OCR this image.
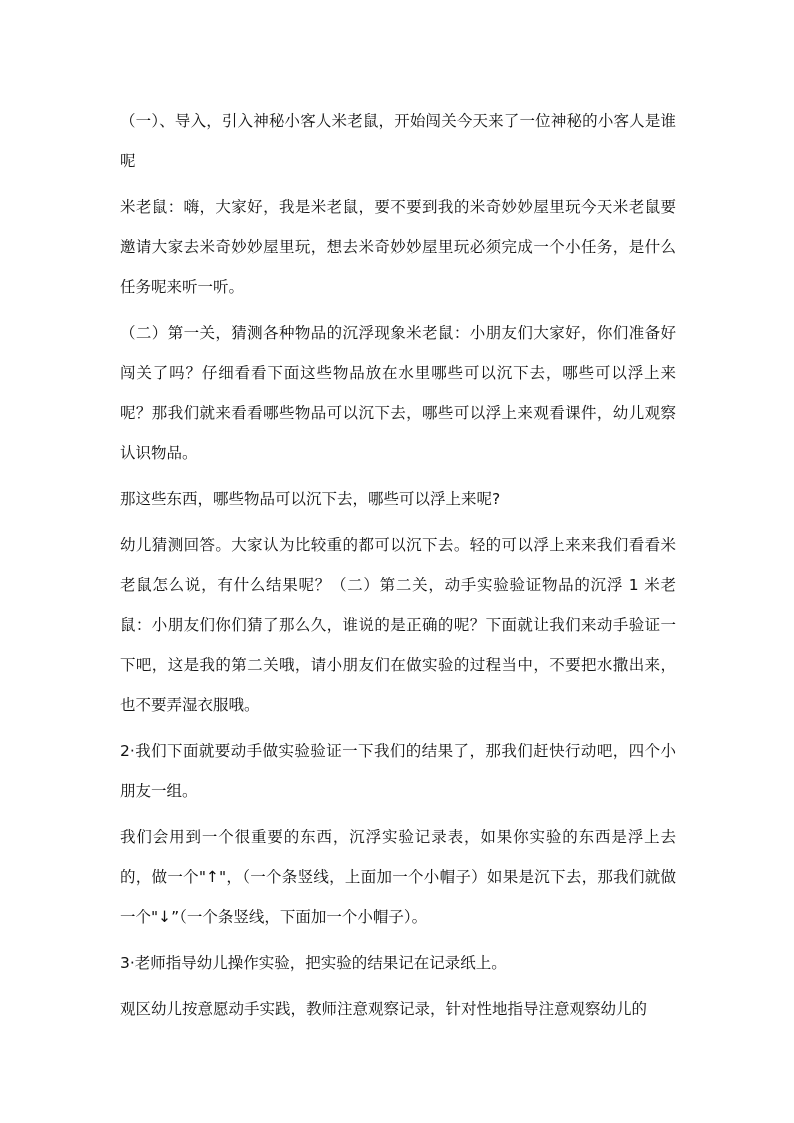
（一）、导入，引入神秘小客人米老鼠，开始闯关今天来了一位神秘的小客人是谁呢

米老鼠：嗨，大家好，我是米老鼠，要不要到我的米奇妙妙屋里玩今天米老鼠要邀请大家去米奇妙妙屋里玩，想去米奇妙妙屋里玩必须完成一个小任务，是什么任务呢来听一听。

（二）第一关，猜测各种物品的沉浮现象米老鼠：小朋友们大家好，你们准备好闯关了吗？仔细看看下面这些物品放在水里哪些可以沉下去，哪些可以浮上来呢？那我们就来看看哪些物品可以沉下去，哪些可以浮上来观看课件，幼儿观察认识物品。

那这些东西，哪些物品可以沉下去，哪些可以浮上来呢?

幼儿猜测回答。大家认为比较重的都可以沉下去。轻的可以浮上来来我们看看米老鼠怎么说，有什么结果呢？（二）第二关，动手实验验证物品的沉浮 1 米老鼠：小朋友们你们猜了那么久，谁说的是正确的呢？下面就让我们来动手验证一下吧，这是我的第二关哦，请小朋友们在做实验的过程当中，不要把水撒出来，也不要弄湿衣服哦。

2·我们下面就要动手做实验验证一下我们的结果了，那我们赶快行动吧，四个小朋友一组。

我们会用到一个很重要的东西，沉浮实验记录表，如果你实验的东西是浮上去的，做一个"↑"，（一个条竖线，上面加一个小帽子）如果是沉下去，那我们就做一个"↓”（一个条竖线，下面加一个小帽子）。

3·老师指导幼儿操作实验，把实验的结果记在记录纸上。

观区幼儿按意愿动手实践，教师注意观察记录，针对性地指导注意观察幼儿的
